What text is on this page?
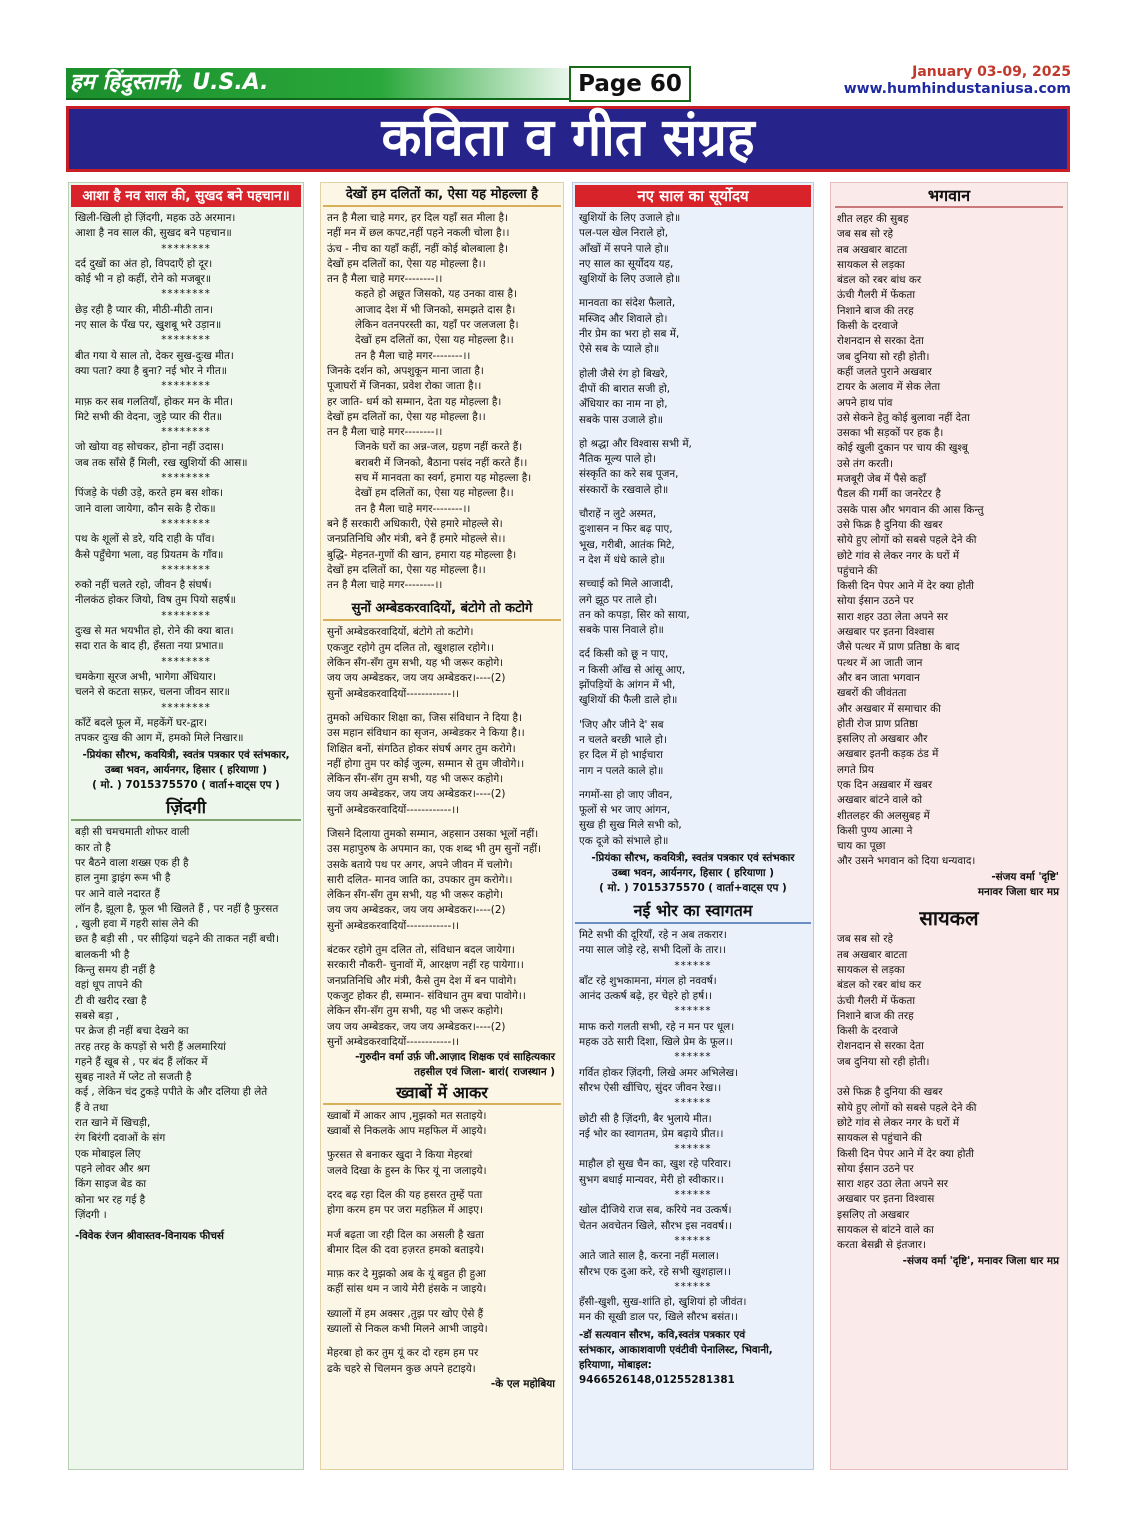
हम हिंदुस्तानी, U.S.A.	Page 60	January 03-09, 2025
www.humhindustaniusa.com
कविता व गीत संग्रह
आशा है नव साल की, सुखद बने पहचान॥
खिली-खिली हो ज़िंदगी, महक उठे अरमान।
आशा है नव साल की, सुखद बने पहचान॥
********
दर्द दुखों का अंत हो, विपदाएँ हो दूर।
कोई भी न हो कहीं, रोने को मजबूर॥
********
छेड़ रही है प्यार की, मीठी-मीठी तान।
नए साल के पँख पर, खुशबू भरे उड़ान॥
********
बीत गया ये साल तो, देकर सुख-दुःख मीत।
क्या पता? क्या है बुना? नई भोर ने गीत॥
********
माफ़ कर सब गलतियाँ, होकर मन के मीत।
मिटे सभी की वेदना, जुड़े प्यार की रीत॥
********
जो खोया वह सोचकर, होना नहीं उदास।
जब तक साँसे हैं मिली, रख खुशियों की आस॥
********
पिंजड़े के पंछी उड़े, करते हम बस शोक।
जाने वाला जायेगा, कौन सके है रोक॥
********
पथ के शूलों से डरे, यदि राही के पाँव।
कैसे पहुँचेगा भला, वह प्रियतम के गाँव॥
********
रुको नहीं चलते रहो, जीवन है संघर्ष।
नीलकंठ होकर जियो, विष तुम पियो सहर्ष॥
********
दुःख से मत भयभीत हो, रोने की क्या बात।
सदा रात के बाद ही, हँसता नया प्रभात॥
********
चमकेगा सूरज अभी, भागेगा अँधियार।
चलने से कटता सफ़र, चलना जीवन सार॥
********
काँटें बदले फूल में, महकेंगें घर-द्वार।
तपकर दुःख की आग में, हमको मिले निखार॥
-प्रियंका सौरभ, कवयित्री, स्वतंत्र पत्रकार एवं स्तंभकार,
उब्बा भवन, आर्यनगर, हिसार ( हरियाणा )
( मो. ) 7015375570 ( वार्ता+वाट्स एप )
ज़िंदगी
बड़ी सी चमचमाती शोफर वाली
कार तो है
पर बैठने वाला शख्स एक ही है
हाल नुमा ड्राइंग रूम भी है
पर आने वाले नदारत हैं
लॉन है, झूला है, फूल भी खिलते हैं , पर नहीं है फुरसत
, खुली हवा में गहरी सांस लेने की
छत है बड़ी सी , पर सीढ़ियां चढ़ने की ताकत नहीं बची।
बालकनी भी है
किन्तु समय ही नहीं है
वहां धूप तापने की
टी वी खरीद रखा है
सबसे बड़ा ,
पर क्रेज ही नहीं बचा देखने का
तरह तरह के कपड़ों से भरी हैं अलमारियां
गहने हैं खूब से , पर बंद हैं लॉकर में
सुबह नाश्ते में प्लेट तो सजती है
कई , लेकिन चंद टुकड़े पपीते के और दलिया ही लेते
हैं वे तथा
रात खाने में खिचड़ी,
रंग बिरंगी दवाओं के संग
एक मोबाइल लिए
पहने लोवर और श्रग
किंग साइज बेड का
कोना भर रह गई है
ज़िंदगी ।
-विवेक रंजन श्रीवास्तव-विनायक फीचर्स
देखों हम दलितों का, ऐसा यह मोहल्ला है
तन है मैला चाहे मगर, हर दिल यहाँ सत मीला है।
नहीं मन में छल कपट,नहीं पहने नकली चोला है।।
ऊंच - नीच का यहाँ कहीं, नहीं कोई बोलबाला है।
देखों हम दलितों का, ऐसा यह मोहल्ला है।।
तन है मैला चाहे मगर--------।।
कहते हो अछूत जिसको, यह उनका वास है।
आजाद देश में भी जिनको, समझते दास है।
लेकिन वतनपरस्ती का, यहाँ पर जलजला है।
देखों हम दलितों का, ऐसा यह मोहल्ला है।।
तन है मैला चाहे मगर--------।।
जिनके दर्शन को, अपशुकून माना जाता है।
पूजाघरों में जिनका, प्रवेश रोका जाता है।।
हर जाति- धर्म को सम्मान, देता यह मोहल्ला है।
देखों हम दलितों का, ऐसा यह मोहल्ला है।।
तन है मैला चाहे मगर--------।।
जिनके घरों का अन्न-जल, ग्रहण नहीं करते हैं।
बराबरी में जिनको, बैठाना पसंद नहीं करते हैं।।
सच में मानवता का स्वर्ग, हमारा यह मोहल्ला है।
देखों हम दलितों का, ऐसा यह मोहल्ला है।।
तन है मैला चाहे मगर--------।।
बने हैं सरकारी अधिकारी, ऐसे हमारे मोहल्ले से।
जनप्रतिनिधि और मंत्री, बने हैं हमारे मोहल्ले से।।
बुद्धि- मेहनत-गुणों की खान, हमारा यह मोहल्ला है।
देखों हम दलितों का, ऐसा यह मोहल्ला है।।
तन है मैला चाहे मगर--------।।
सुनों अम्बेडकरवादियों, बंटोगे तो कटोगे
सुनों अम्बेडकरवादियों, बंटोगे तो कटोगे।
एकजुट रहोगे तुम दलित तो, खुशहाल रहोगे।।
लेकिन सँग-सँग तुम सभी, यह भी जरूर कहोगे।
जय जय अम्बेडकर, जय जय अम्बेडकर।----(2)
सुनों अम्बेडकरवादियों------------।।
तुमको अधिकार शिक्षा का, जिस संविधान ने दिया है।
उस महान संविधान का सृजन, अम्बेडकर ने किया है।।
शिक्षित बनों, संगठित होकर संघर्ष अगर तुम करोगे।
नहीं होगा तुम पर कोई जुल्म, सम्मान से तुम जीवोगे।।
लेकिन सँग-सँग तुम सभी, यह भी जरूर कहोगे।
जय जय अम्बेडकर, जय जय अम्बेडकर।----(2)
सुनों अम्बेडकरवादियों------------।।
जिसने दिलाया तुमको सम्मान, अहसान उसका भूलों नहीं।
उस महापुरुष के अपमान का, एक शब्द भी तुम सुनों नहीं।
उसके बताये पथ पर अगर, अपने जीवन में चलोगे।
सारी दलित- मानव जाति का, उपकार तुम करोगे।।
लेकिन सँग-सँग तुम सभी, यह भी जरूर कहोगे।
जय जय अम्बेडकर, जय जय अम्बेडकर।----(2)
सुनों अम्बेडकरवादियों------------।।
बंटकर रहोगे तुम दलित तो, संविधान बदल जायेगा।
सरकारी नौकरी- चुनावों में, आरक्षण नहीं रह पायेगा।।
जनप्रतिनिधि और मंत्री, कैसे तुम देश में बन पावोगे।
एकजुट होकर ही, सम्मान- संविधान तुम बचा पावोगे।।
लेकिन सँग-सँग तुम सभी, यह भी जरूर कहोगे।
जय जय अम्बेडकर, जय जय अम्बेडकर।----(2)
सुनों अम्बेडकरवादियों------------।।
-गुरुदीन वर्मा उर्फ़ जी.आज़ाद शिक्षक एवं साहित्यकार
तहसील एवं जिला- बारां( राजस्थान )
ख्वाबों में आकर
ख्वाबों में आकर आप ,मुझको मत सताइये।
ख्वाबों से निकलके आप महफिल में आइये।
फुरसत से बनाकर खुदा ने किया मेहरबां
जलवे दिखा के हुस्न के फिर यूं ना जलाइये।
दरद बढ़ रहा दिल की यह हसरत तुम्हें पता
होगा करम हम पर जरा महफ़िल में आइए।
मर्ज बढ़ता जा रही दिल का असली है खता
बीमार दिल की दवा हज़रत हमको बताइये।
माफ़ कर दे मुझको अब के यूं बहुत ही हुआ
कहीं सांस थम न जाये मेरी हंसके न जाइये।
ख्यालों में हम अक्सर ,तुझ पर खोए ऐसे हैं
ख्यालों से निकल कभी मिलने आभी जाइये।
मेहरबा हो कर तुम यूं कर दो रहम हम पर
ढके चहरे से चिलमन कुछ अपने हटाइये।
-के एल महोबिया
नए साल का सूर्योदय
खुशियों के लिए उजाले हो॥
पल-पल खेल निराले हो,
आँखों में सपने पाले हो॥
नए साल का सूर्योदय यह,
खुशियों के लिए उजाले हो॥
मानवता का संदेश फैलाते,
मस्जिद और शिवाले हो।
नीर प्रेम का भरा हो सब में,
ऐसे सब के प्याले हो॥
होली जैसे रंग हो बिखरे,
दीपों की बारात सजी हो,
अँधियार का नाम ना हो,
सबके पास उजाले हो॥
हो श्रद्धा और विश्वास सभी में,
नैतिक मूल्य पाले हो।
संस्कृति का करे सब पूजन,
संस्कारों के रखवाले हो॥
चौराहें न लुटे अस्मत,
दुःशासन न फिर बढ़ पाए,
भूख, गरीबी, आतंक मिटे,
न देश में धंधे काले हो॥
सच्चाई को मिले आजादी,
लगे झूठ पर ताले हो।
तन को कपड़ा, सिर को साया,
सबके पास निवाले हो॥
दर्द किसी को छू न पाए,
न किसी आँख से आंसू आए,
झोंपड़ियों के आंगन में भी,
खुशियों की फैली डाले हो॥
'जिए और जीने दे' सब
न चलते बरछी भाले हो।
हर दिल में हो भाईचारा
नाग न पलते काले हो॥
नगमों-सा हो जाए जीवन,
फूलों से भर जाए आंगन,
सुख ही सुख मिले सभी को,
एक दूजे को संभाले हो॥
-प्रियंका सौरभ, कवयित्री, स्वतंत्र पत्रकार एवं स्तंभकार
उब्बा भवन, आर्यनगर, हिसार ( हरियाणा )
( मो. ) 7015375570 ( वार्ता+वाट्स एप )
नई भोर का स्वागतम
मिटे सभी की दूरियाँ, रहे न अब तकरार।
नया साल जोड़े रहे, सभी दिलों के तार।।
******
बाँट रहे शुभकामना, मंगल हो नववर्ष।
आनंद उत्कर्ष बढ़े, हर चेहरे हो हर्ष।।
******
माफ करो गलती सभी, रहे न मन पर धूल।
महक उठे सारी दिशा, खिले प्रेम के फूल।।
******
गर्वित होकर ज़िंदगी, लिखे अमर अभिलेख।
सौरभ ऐसी खींचिए, सुंदर जीवन रेख।।
******
छोटी सी है ज़िंदगी, बैर भुलाये मीत।
नई भोर का स्वागतम, प्रेम बढ़ाये प्रीत।।
******
माहौल हो सुख चैन का, खुश रहे परिवार।
सुभग बधाई मान्यवर, मेरी हो स्वीकार।।
******
खोल दीजिये राज सब, करिये नव उत्कर्ष।
चेतन अवचेतन खिले, सौरभ इस नववर्ष।।
******
आते जाते साल है, करना नहीं मलाल।
सौरभ एक दुआ करे, रहे सभी खुशहाल।।
******
हँसी-खुशी, सुख-शांति हो, खुशियां हो जीवंत।
मन की सूखी डाल पर, खिले सौरभ बसंत।।
-डॉ सत्यवान सौरभ, कवि,स्वतंत्र पत्रकार एवं
स्तंभकार, आकाशवाणी एवंटीवी पेनालिस्ट, भिवानी,
हरियाणा, मोबाइल: 9466526148,01255281381
भगवान
शीत लहर की सुबह
जब सब सो रहे
तब अखबार बाटता
सायकल से लड़का
बंडल को रबर बांध कर
ऊंची गैलरी में फेंकता
निशाने बाज की तरह
किसी के दरवाजे
रोशनदान से सरका देता
जब दुनिया सो रही होती।
कहीं जलते पुराने अखबार
टायर के अलाव में सेक लेता
अपने हाथ पांव
उसे सेकने हेतु कोई बुलावा नहीं देता
उसका भी सड़कों पर हक है।
कोई खुली दुकान पर चाय की खुश्बू
उसे तंग करती।
मजबूरी जेब में पैसे कहाँ
पैडल की गर्मी का जनरेटर है
उसके पास और भगवान की आस किन्तु
उसे फिक्र है दुनिया की खबर
सोये हुए लोगों को सबसे पहले देने की
छोटे गांव से लेकर नगर के घरों में
पहुंचाने की
किसी दिन पेपर आने में देर क्या होती
सोया ईसान उठने पर
सारा शहर उठा लेता अपने सर
अखबार पर इतना विश्वास
जैसे पत्थर में प्राण प्रतिष्ठा के बाद
पत्थर में आ जाती जान
और बन जाता भगवान
खबरों की जीवंतता
और अखबार में समाचार की
होती रोज प्राण प्रतिष्ठा
इसलिए तो अखबार और
अखबार इतनी कड़क ठंड में
लगते प्रिय
एक दिन अख़बार में खबर
अखबार बांटने वाले को
शीतलहर की अलसुबह में
किसी पुण्य आत्मा ने
चाय का पूछा
और उसने भगवान को दिया धन्यवाद।
-संजय वर्मा 'दृष्टि'
मनावर जिला धार मप्र
सायकल
जब सब सो रहे
तब अखबार बाटता
सायकल से लड़का
बंडल को रबर बांध कर
ऊंची गैलरी में फेंकता
निशाने बाज की तरह
किसी के दरवाजे
रोशनदान से सरका देता
जब दुनिया सो रही होती।

उसे फिक्र है दुनिया की खबर
सोये हुए लोगों को सबसे पहले देने की
छोटे गांव से लेकर नगर के घरों में
सायकल से पहुंचाने की
किसी दिन पेपर आने में देर क्या होती
सोया ईसान उठने पर
सारा शहर उठा लेता अपने सर
अखबार पर इतना विश्वास
इसलिए तो अखबार
सायकल से बांटने वाले का
करता बेसब्री से इंतजार।
-संजय वर्मा 'दृष्टि', मनावर जिला धार मप्र
